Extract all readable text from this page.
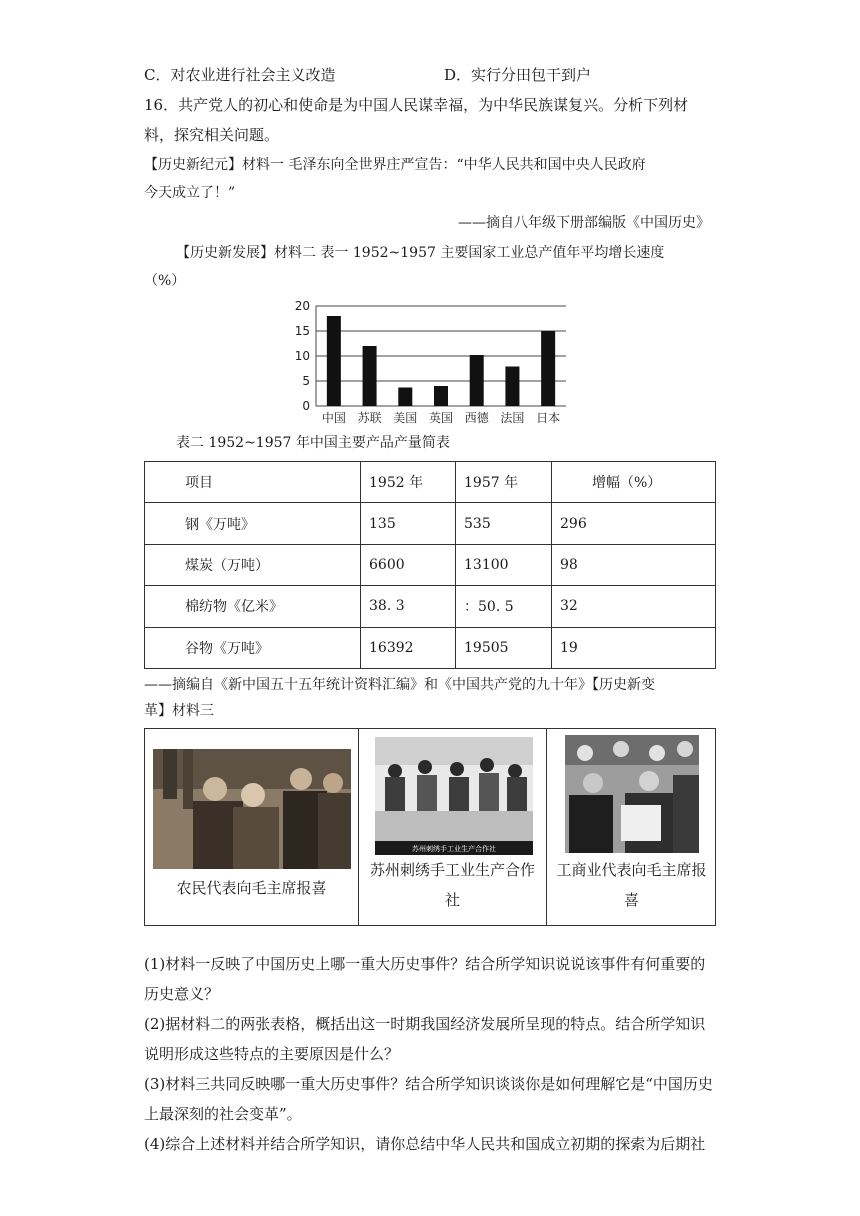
C．对农业进行社会主义改造	D．实行分田包干到户
16．共产党人的初心和使命是为中国人民谋幸福，为中华民族谋复兴。分析下列材
料，探究相关问题。
【历史新纪元】材料一 毛泽东向全世界庄严宣告：“中华人民共和国中央人民政府
今天成立了！”
——摘自八年级下册部编版《中国历史》
【历史新发展】材料二 表一 1952~1957 主要国家工业总产值年平均增长速度
（%）
0
5
10
15
20
中国 苏联 美国 英国 西德 法国 日本
表二 1952~1957 年中国主要产品产量简表
项目	1952 年	1957 年	增幅（%）
钢《万吨》	135	535	296
煤炭（万吨）	6600	13100	98
棉纺物《亿米》	38. 3	：50. 5	32
谷物《万吨》	16392	19505	19
——摘编自《新中国五十五年统计资料汇编》和《中国共产党的九十年》【历史新变
革】材料三
农民代表向毛主席报喜
苏州刺绣手工业生产合作社
苏州刺绣手工业生产合作
社
工商业代表向毛主席报
喜
(1)材料一反映了中国历史上哪一重大历史事件？结合所学知识说说该事件有何重要的
历史意义？
(2)据材料二的两张表格，概括出这一时期我国经济发展所呈现的特点。结合所学知识
说明形成这些特点的主要原因是什么？
(3)材料三共同反映哪一重大历史事件？结合所学知识谈谈你是如何理解它是“中国历史
上最深刻的社会变革”。
(4)综合上述材料并结合所学知识，请你总结中华人民共和国成立初期的探索为后期社
